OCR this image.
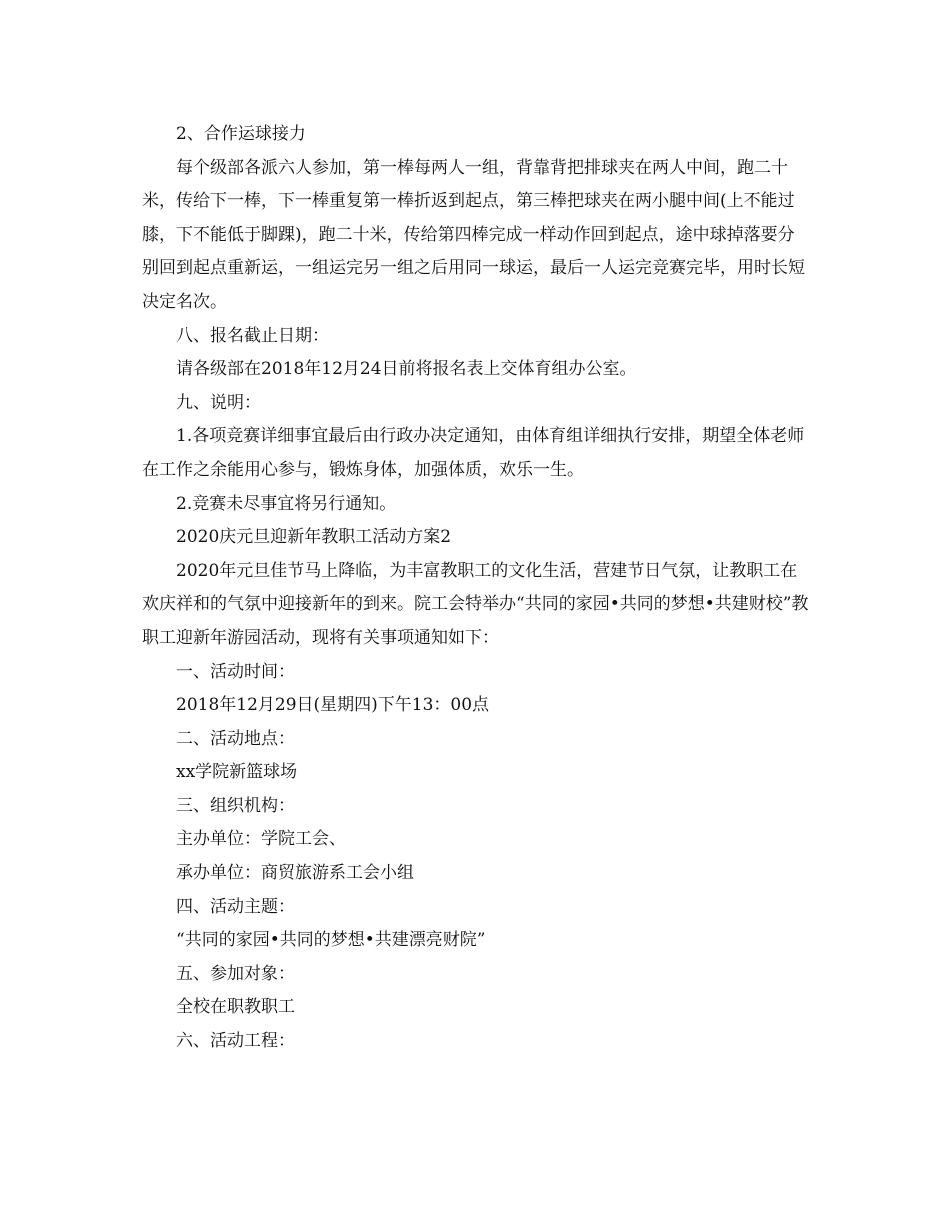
2、合作运球接力

每个级部各派六人参加，第一棒每两人一组，背靠背把排球夹在两人中间，跑二十米，传给下一棒，下一棒重复第一棒折返到起点，第三棒把球夹在两小腿中间(上不能过膝，下不能低于脚踝)，跑二十米，传给第四棒完成一样动作回到起点，途中球掉落要分别回到起点重新运，一组运完另一组之后用同一球运，最后一人运完竞赛完毕，用时长短决定名次。

八、报名截止日期：

请各级部在2018年12月24日前将报名表上交体育组办公室。

九、说明：

1.各项竞赛详细事宜最后由行政办决定通知，由体育组详细执行安排，期望全体老师在工作之余能用心参与，锻炼身体，加强体质，欢乐一生。

2.竞赛未尽事宜将另行通知。

2020庆元旦迎新年教职工活动方案2

2020年元旦佳节马上降临，为丰富教职工的文化生活，营建节日气氛，让教职工在欢庆祥和的气氛中迎接新年的到来。院工会特举办“共同的家园•共同的梦想•共建财校”教职工迎新年游园活动，现将有关事项通知如下：

一、活动时间：

2018年12月29日(星期四)下午13：00点

二、活动地点：

xx学院新篮球场

三、组织机构：

主办单位：学院工会、

承办单位：商贸旅游系工会小组

四、活动主题：

“共同的家园•共同的梦想•共建漂亮财院”

五、参加对象：

全校在职教职工

六、活动工程：
